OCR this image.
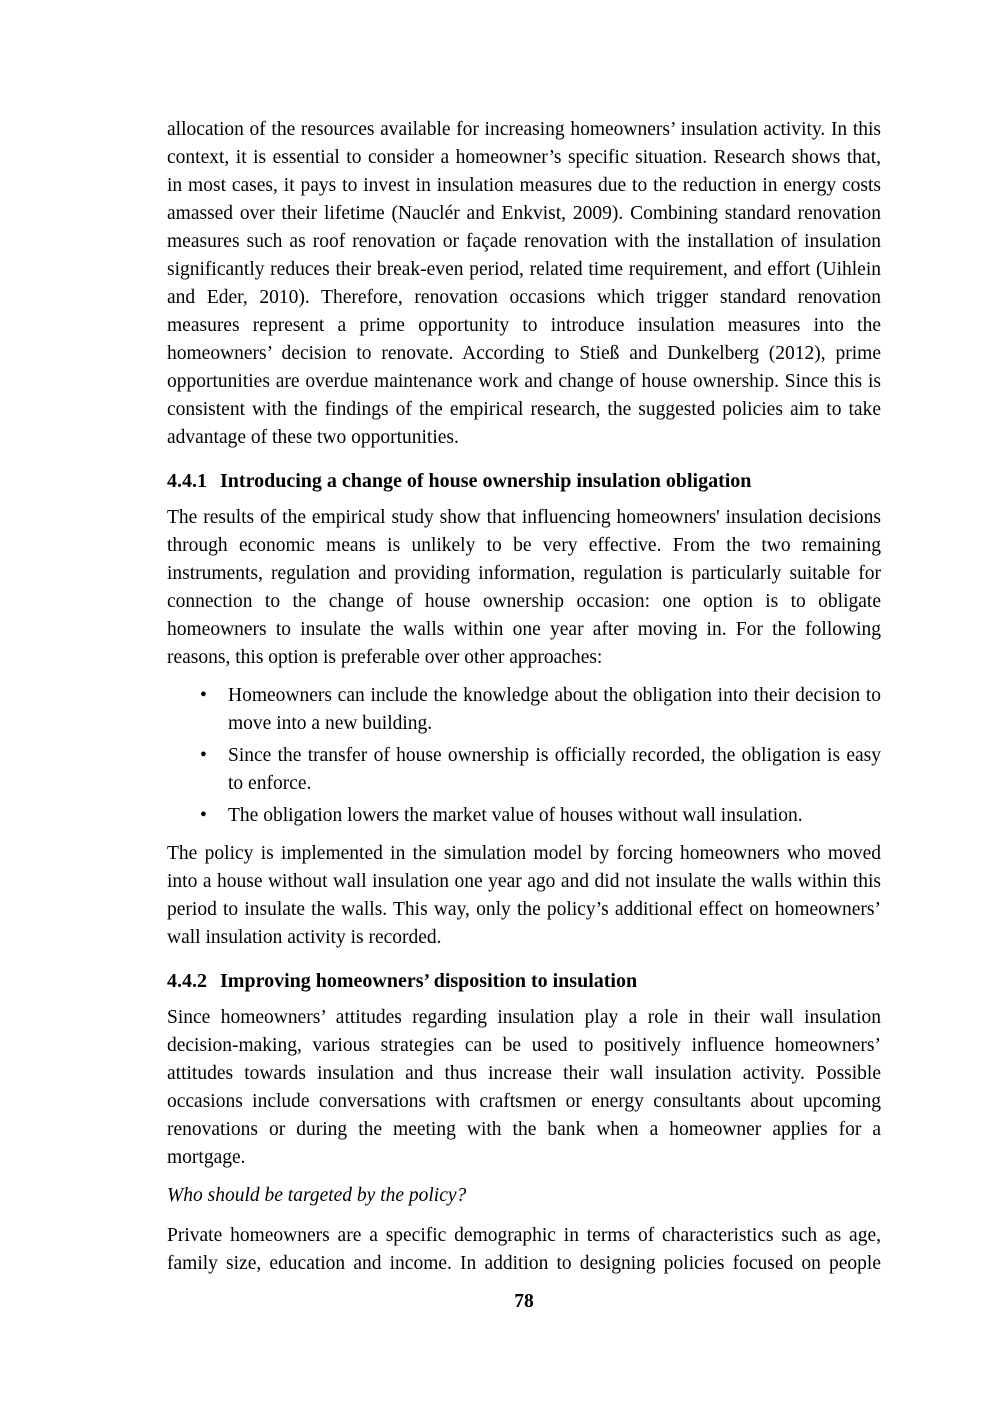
allocation of the resources available for increasing homeowners’ insulation activity. In this context, it is essential to consider a homeowner’s specific situation. Research shows that, in most cases, it pays to invest in insulation measures due to the reduction in energy costs amassed over their lifetime (Nauclér and Enkvist, 2009). Combining standard renovation measures such as roof renovation or façade renovation with the installation of insulation significantly reduces their break-even period, related time requirement, and effort (Uihlein and Eder, 2010). Therefore, renovation occasions which trigger standard renovation measures represent a prime opportunity to introduce insulation measures into the homeowners’ decision to renovate. According to Stieß and Dunkelberg (2012), prime opportunities are overdue maintenance work and change of house ownership. Since this is consistent with the findings of the empirical research, the suggested policies aim to take advantage of these two opportunities.

4.4.1 Introducing a change of house ownership insulation obligation

The results of the empirical study show that influencing homeowners' insulation decisions through economic means is unlikely to be very effective. From the two remaining instruments, regulation and providing information, regulation is particularly suitable for connection to the change of house ownership occasion: one option is to obligate homeowners to insulate the walls within one year after moving in. For the following reasons, this option is preferable over other approaches:

• Homeowners can include the knowledge about the obligation into their decision to move into a new building.
• Since the transfer of house ownership is officially recorded, the obligation is easy to enforce.
• The obligation lowers the market value of houses without wall insulation.

The policy is implemented in the simulation model by forcing homeowners who moved into a house without wall insulation one year ago and did not insulate the walls within this period to insulate the walls. This way, only the policy’s additional effect on homeowners’ wall insulation activity is recorded.

4.4.2 Improving homeowners’ disposition to insulation

Since homeowners’ attitudes regarding insulation play a role in their wall insulation decision-making, various strategies can be used to positively influence homeowners’ attitudes towards insulation and thus increase their wall insulation activity. Possible occasions include conversations with craftsmen or energy consultants about upcoming renovations or during the meeting with the bank when a homeowner applies for a mortgage.

Who should be targeted by the policy?

Private homeowners are a specific demographic in terms of characteristics such as age, family size, education and income. In addition to designing policies focused on people

78
